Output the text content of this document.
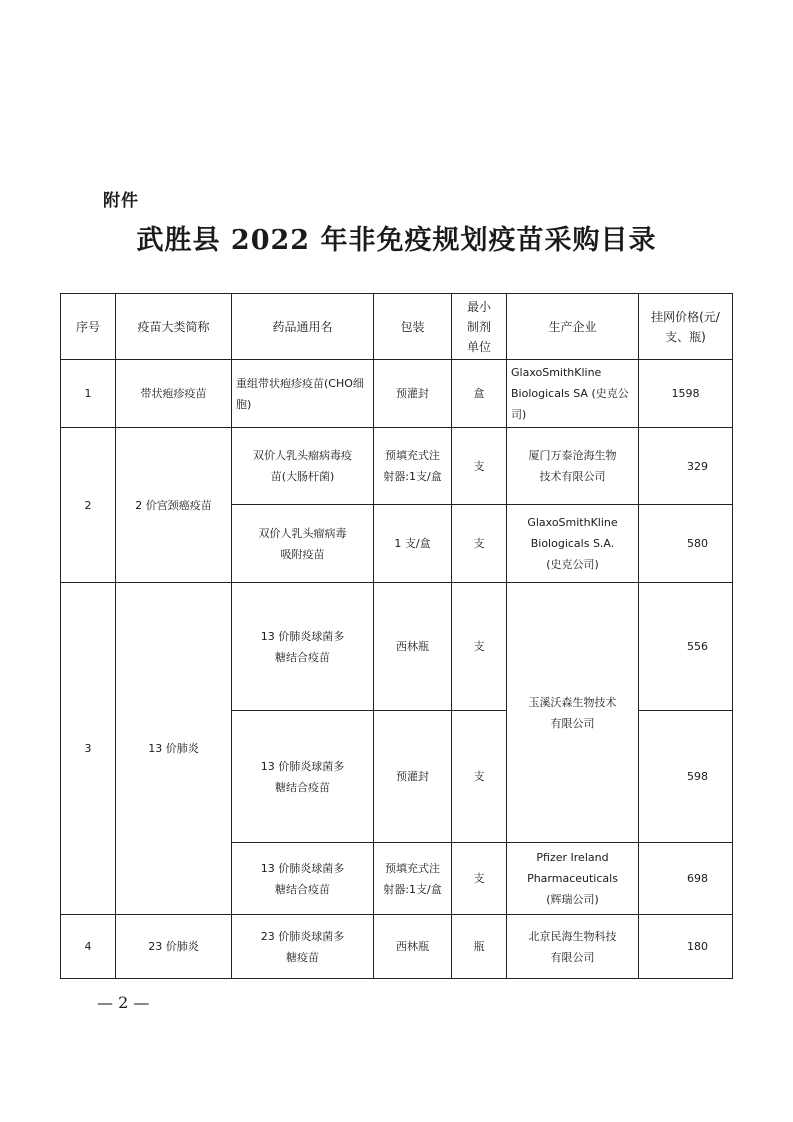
附件
武胜县 2022 年非免疫规划疫苗采购目录
序号	疫苗大类简称	药品通用名	包装	最小制剂单位	生产企业	挂网价格(元/支、瓶)
1	带状疱疹疫苗	重组带状疱疹疫苗(CHO细胞)	预灌封	盒	GlaxoSmithKline Biologicals SA (史克公司)	1598
2	2 价宫颈癌疫苗	双价人乳头瘤病毒疫苗(大肠杆菌)	预填充式注射器:1支/盒	支	厦门万泰沧海生物技术有限公司	329
		双价人乳头瘤病毒吸附疫苗	1 支/盒	支	GlaxoSmithKline Biologicals S.A. (史克公司)	580
3	13 价肺炎	13 价肺炎球菌多糖结合疫苗	西林瓶	支	玉溪沃森生物技术有限公司	556
		13 价肺炎球菌多糖结合疫苗	预灌封	支		598
		13 价肺炎球菌多糖结合疫苗	预填充式注射器:1支/盒	支	Pfizer Ireland Pharmaceuticals (辉瑞公司)	698
4	23 价肺炎	23 价肺炎球菌多糖疫苗	西林瓶	瓶	北京民海生物科技有限公司	180
— 2 —
